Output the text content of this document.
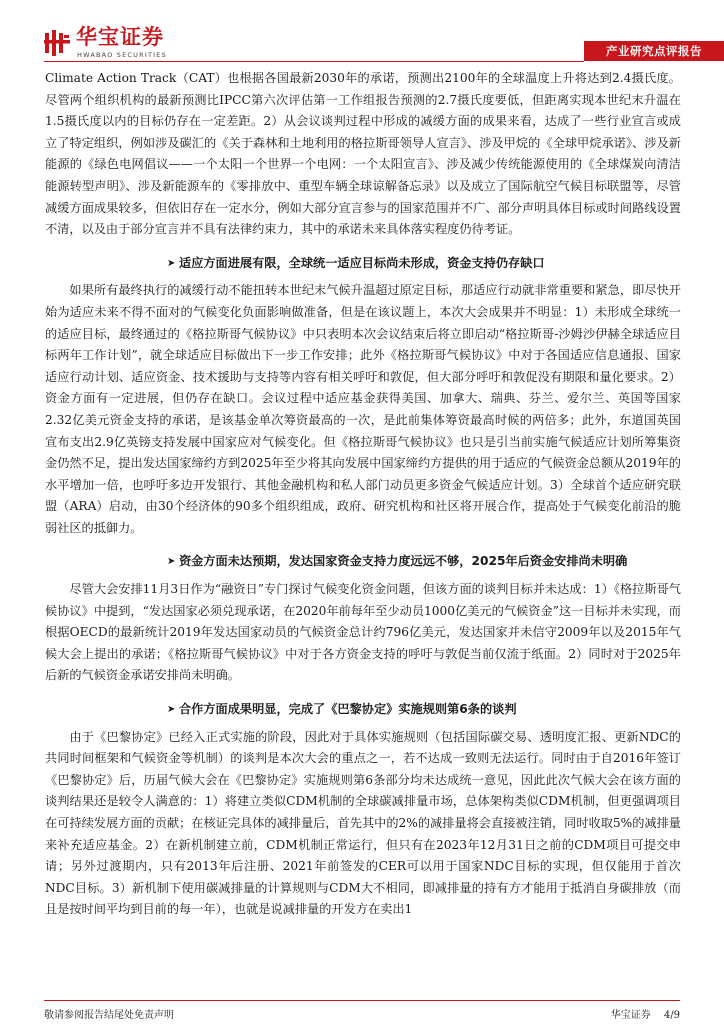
华宝证券
HWABAO SECURITIES	产业研究点评报告

Climate Action Track（CAT）也根据各国最新2030年的承诺，预测出2100年的全球温度上升将达到2.4摄氏度。尽管两个组织机构的最新预测比IPCC第六次评估第一工作组报告预测的2.7摄氏度要低，但距离实现本世纪末升温在1.5摄氏度以内的目标仍存在一定差距。2）从会议谈判过程中形成的减缓方面的成果来看，达成了一些行业宣言或成立了特定组织，例如涉及碳汇的《关于森林和土地利用的格拉斯哥领导人宣言》、涉及甲烷的《全球甲烷承诺》、涉及新能源的《绿色电网倡议——一个太阳一个世界一个电网：一个太阳宣言》、涉及减少传统能源使用的《全球煤炭向清洁能源转型声明》、涉及新能源车的《零排放中、重型车辆全球谅解备忘录》以及成立了国际航空气候目标联盟等，尽管减缓方面成果较多，但依旧存在一定水分，例如大部分宣言参与的国家范围并不广、部分声明具体目标或时间路线设置不清，以及由于部分宣言并不具有法律约束力，其中的承诺未来具体落实程度仍待考证。

➤ 适应方面进展有限，全球统一适应目标尚未形成，资金支持仍存缺口

如果所有最终执行的减缓行动不能扭转本世纪末气候升温超过原定目标，那适应行动就非常重要和紧急，即尽快开始为适应未来不得不面对的气候变化负面影响做准备，但是在该议题上，本次大会成果并不明显：1）未形成全球统一的适应目标，最终通过的《格拉斯哥气候协议》中只表明本次会议结束后将立即启动“格拉斯哥-沙姆沙伊赫全球适应目标两年工作计划”，就全球适应目标做出下一步工作安排；此外《格拉斯哥气候协议》中对于各国适应信息通报、国家适应行动计划、适应资金、技术援助与支持等内容有相关呼吁和敦促，但大部分呼吁和敦促没有期限和量化要求。2）资金方面有一定进展，但仍存在缺口。会议过程中适应基金获得美国、加拿大、瑞典、芬兰、爱尔兰、英国等国家2.32亿美元资金支持的承诺，是该基金单次筹资最高的一次，是此前集体筹资最高时候的两倍多；此外，东道国英国宣布支出2.9亿英镑支持发展中国家应对气候变化。但《格拉斯哥气候协议》也只是引当前实施气候适应计划所筹集资金仍然不足，提出发达国家缔约方到2025年至少将其向发展中国家缔约方提供的用于适应的气候资金总额从2019年的水平增加一倍，也呼吁多边开发银行、其他金融机构和私人部门动员更多资金气候适应计划。3）全球首个适应研究联盟（ARA）启动，由30个经济体的90多个组织组成，政府、研究机构和社区将开展合作，提高处于气候变化前沿的脆弱社区的抵御力。

➤ 资金方面未达预期，发达国家资金支持力度远远不够，2025年后资金安排尚未明确

尽管大会安排11月3日作为“融资日”专门探讨气候变化资金问题，但该方面的谈判目标并未达成：1）《格拉斯哥气候协议》中提到，“发达国家必须兑现承诺，在2020年前每年至少动员1000亿美元的气候资金”这一目标并未实现，而根据OECD的最新统计2019年发达国家动员的气候资金总计约796亿美元，发达国家并未信守2009年以及2015年气候大会上提出的承诺；《格拉斯哥气候协议》中对于各方资金支持的呼吁与敦促当前仅流于纸面。2）同时对于2025年后新的气候资金承诺安排尚未明确。

➤ 合作方面成果明显，完成了《巴黎协定》实施规则第6条的谈判

由于《巴黎协定》已经入正式实施的阶段，因此对于具体实施规则（包括国际碳交易、透明度汇报、更新NDC的共同时间框架和气候资金等机制）的谈判是本次大会的重点之一，若不达成一致则无法运行。同时由于自2016年签订《巴黎协定》后，历届气候大会在《巴黎协定》实施规则第6条部分均未达成统一意见，因此此次气候大会在该方面的谈判结果还是较令人满意的：1）将建立类似CDM机制的全球碳减排量市场，总体架构类似CDM机制，但更强调项目在可持续发展方面的贡献；在核证完具体的减排量后，首先其中的2%的减排量将会直接被注销，同时收取5%的减排量来补充适应基金。2）在新机制建立前，CDM机制正常运行，但只有在2023年12月31日之前的CDM项目可提交申请；另外过渡期内，只有2013年后注册、2021年前签发的CER可以用于国家NDC目标的实现，但仅能用于首次NDC目标。3）新机制下使用碳减排量的计算规则与CDM大不相同，即减排量的持有方才能用于抵消自身碳排放（而且是按时间平均到目前的每一年），也就是说减排量的开发方在卖出1

敬请参阅报告结尾处免责声明	华宝证券 4/9
